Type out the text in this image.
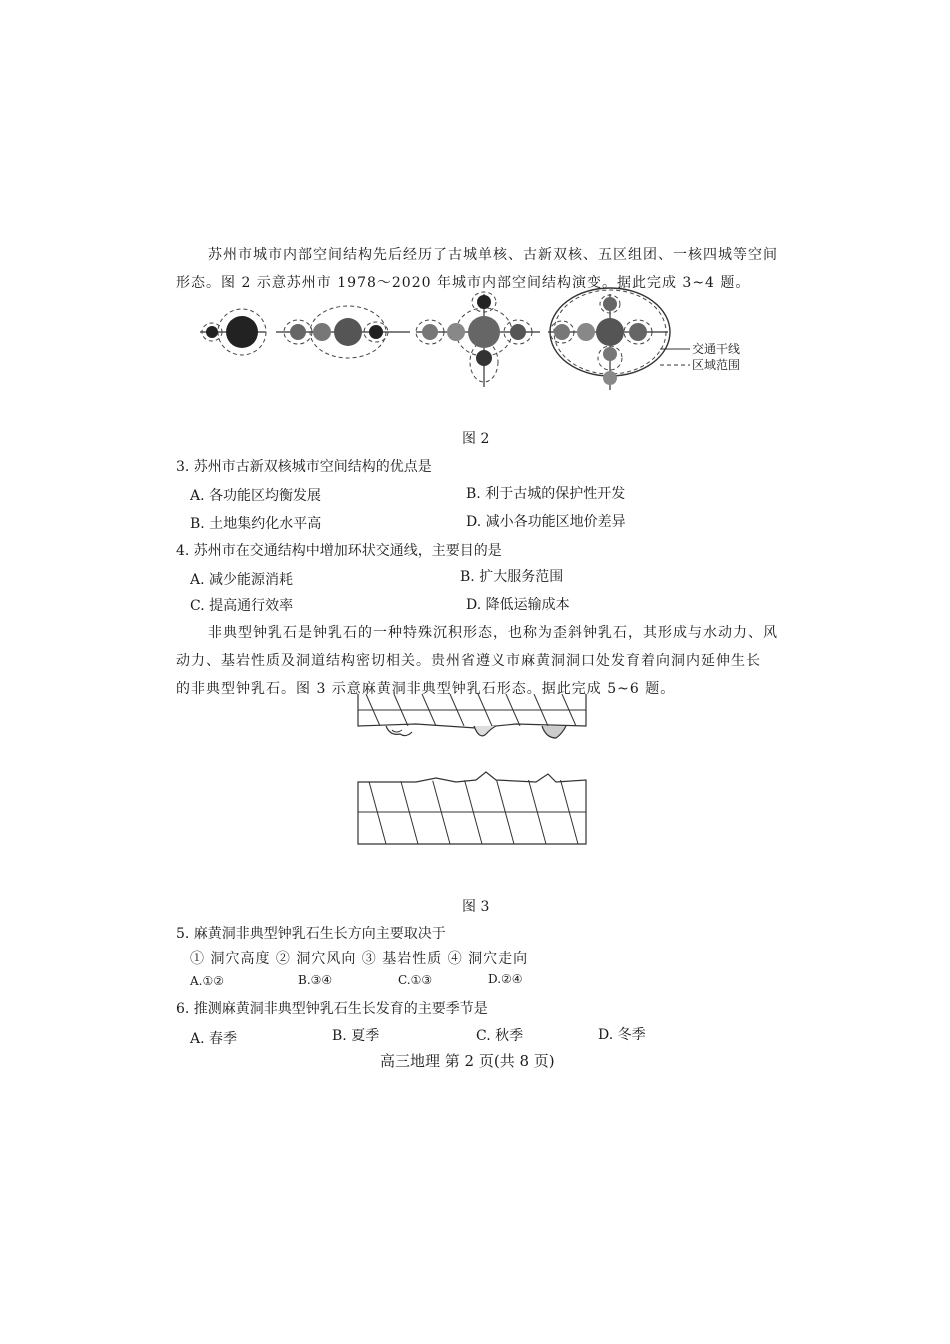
苏州市城市内部空间结构先后经历了古城单核、古新双核、五区组团、一核四城等空间
形态。图 2 示意苏州市 1978～2020 年城市内部空间结构演变。据此完成 3~4 题。
交通干线
区域范围
图 2
3. 苏州市古新双核城市空间结构的优点是
A. 各功能区均衡发展	B. 利于古城的保护性开发
B. 土地集约化水平高	D. 减小各功能区地价差异
4. 苏州市在交通结构中增加环状交通线，主要目的是
A. 减少能源消耗	B. 扩大服务范围
C. 提高通行效率	D. 降低运输成本
非典型钟乳石是钟乳石的一种特殊沉积形态，也称为歪斜钟乳石，其形成与水动力、风
动力、基岩性质及洞道结构密切相关。贵州省遵义市麻黄洞洞口处发育着向洞内延伸生长
的非典型钟乳石。图 3 示意麻黄洞非典型钟乳石形态。据此完成 5~6 题。
图 3
5. 麻黄洞非典型钟乳石生长方向主要取决于
① 洞穴高度 ② 洞穴风向 ③ 基岩性质 ④ 洞穴走向
A.①②	B.③④	C.①③	D.②④
6. 推测麻黄洞非典型钟乳石生长发育的主要季节是
A. 春季	B. 夏季	C. 秋季	D. 冬季
高三地理 第 2 页(共 8 页)
